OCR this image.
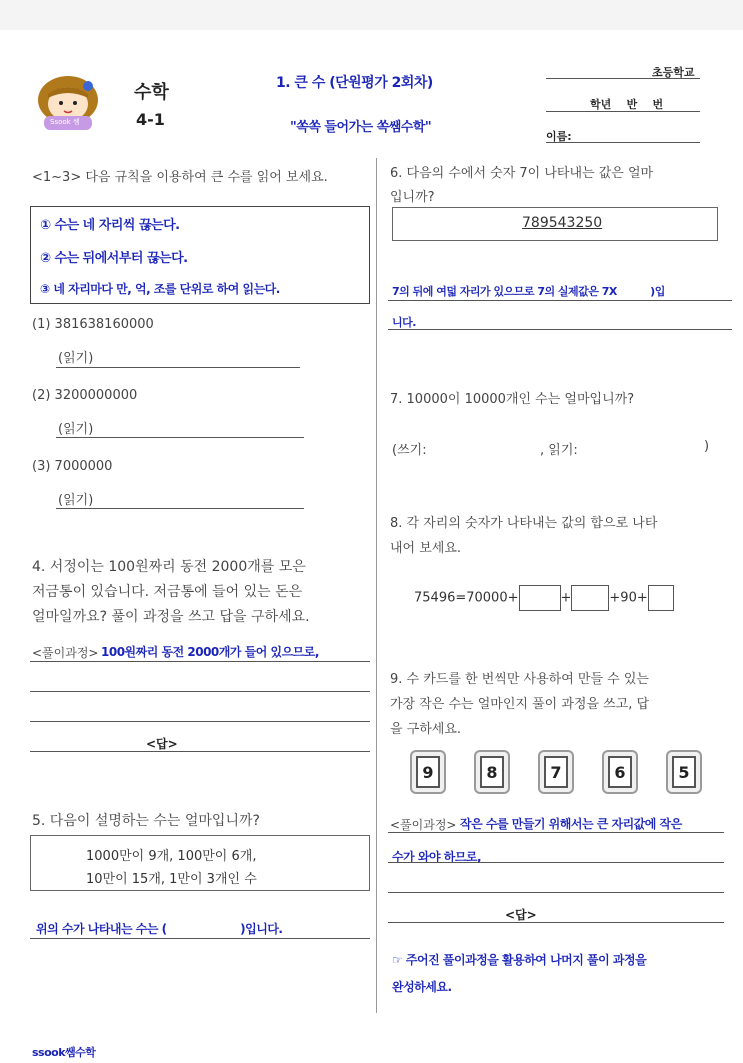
Ssook 쌤
수학
4-1
1. 큰 수 (단원평가 2회차)
"쏙쏙 들어가는 쏙쌤수학"
초등학교
학년    반    번
이름:
<1~3> 다음 규칙을 이용하여 큰 수를 읽어 보세요.
① 수는 네 자리씩 끊는다.
② 수는 뒤에서부터 끊는다.
③ 네 자리마다 만, 억, 조를 단위로 하여 읽는다.
(1) 381638160000
(읽기)
(2) 3200000000
(읽기)
(3) 7000000
(읽기)
4. 서정이는 100원짜리 동전 2000개를 모은
저금통이 있습니다. 저금통에 들어 있는 돈은
얼마일까요? 풀이 과정을 쓰고 답을 구하세요.
<풀이과정> 100원짜리 동전 2000개가 들어 있으므로,
<답>
5. 다음이 설명하는 수는 얼마입니까?
1000만이 9개, 100만이 6개,
10만이 15개, 1만이 3개인 수
위의 수가 나타내는 수는 (                    )입니다.
6. 다음의 수에서 숫자 7이 나타내는 값은 얼마
입니까?
789543250
7의 뒤에 여덟 자리가 있으므로 7의 실제값은 7X          )입
니다.
7. 10000이 10000개인 수는 얼마입니까?
(쓰기:	, 읽기:	)
8. 각 자리의 숫자가 나타내는 값의 합으로 나타
내어 보세요.
75496=70000+	+	+90+
9. 수 카드를 한 번씩만 사용하여 만들 수 있는
가장 작은 수는 얼마인지 풀이 과정을 쓰고, 답
을 구하세요.
9	8	7	6	5
<풀이과정> 작은 수를 만들기 위해서는 큰 자리값에 작은
수가 와야 하므로,
<답>
☞ 주어진 풀이과정을 활용하여 나머지 풀이 과정을
완성하세요.
ssook쌤수학
